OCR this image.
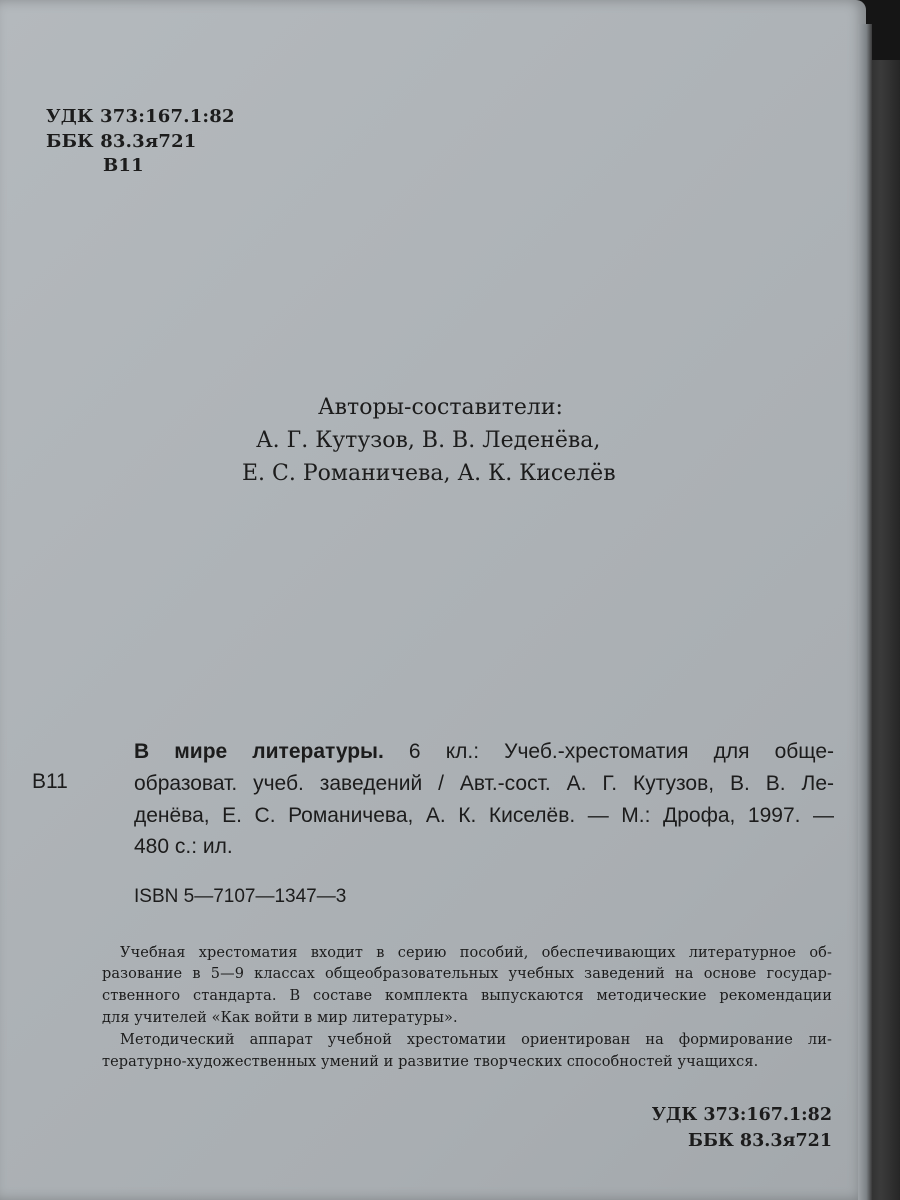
УДК 373:167.1:82
ББК 83.3я721
В11
Авторы-составители:
А. Г. Кутузов, В. В. Леденёва,
Е. С. Романичева, А. К. Киселёв
В11
В мире литературы. 6 кл.: Учеб.-хрестоматия для обще-
образоват. учеб. заведений / Авт.-сост. А. Г. Кутузов, В. В. Ле-
денёва, Е. С. Романичева, А. К. Киселёв. — М.: Дрофа, 1997. —
480 с.: ил.
ISBN 5—7107—1347—3
Учебная хрестоматия входит в серию пособий, обеспечивающих литературное об-
разование в 5—9 классах общеобразовательных учебных заведений на основе государ-
ственного стандарта. В составе комплекта выпускаются методические рекомендации
для учителей «Как войти в мир литературы».
Методический аппарат учебной хрестоматии ориентирован на формирование ли-
тературно-художественных умений и развитие творческих способностей учащихся.
УДК 373:167.1:82
ББК 83.3я721
